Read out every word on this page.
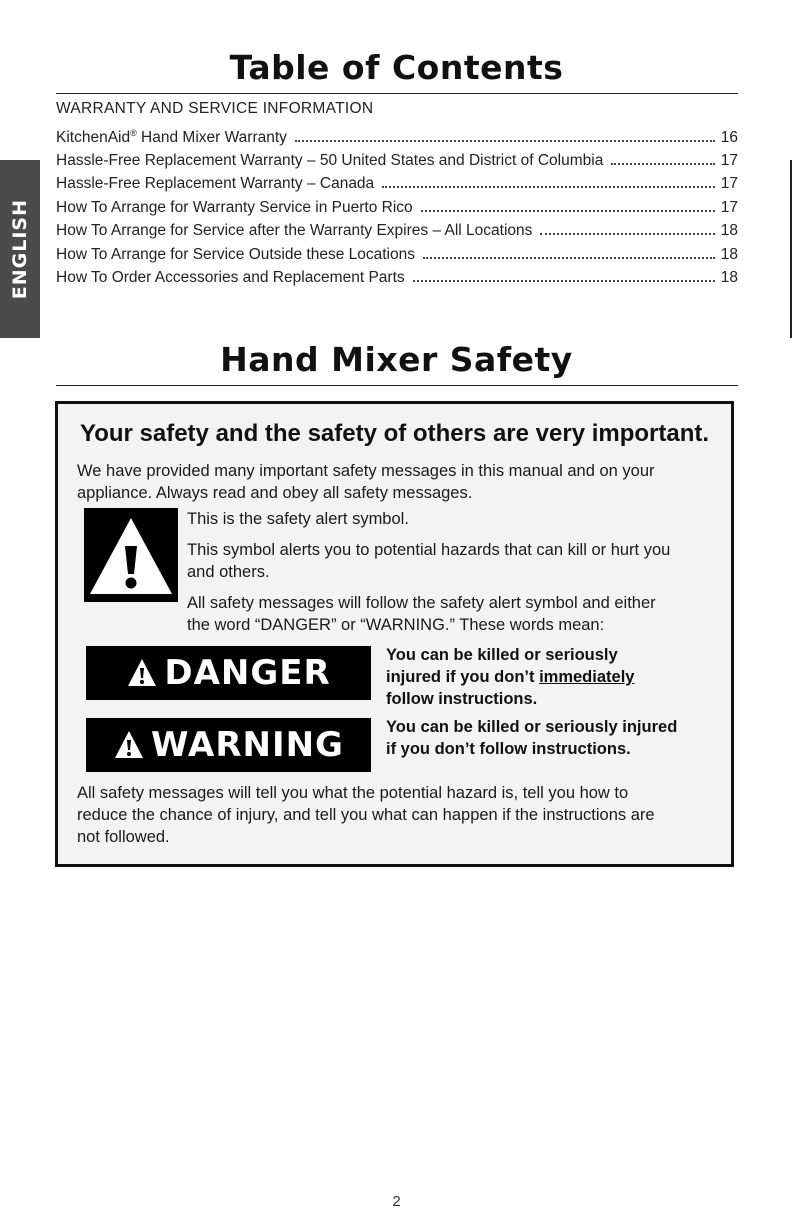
ENGLISH
Table of Contents
WARRANTY AND SERVICE INFORMATION
KitchenAid® Hand Mixer Warranty	16
Hassle-Free Replacement Warranty – 50 United States and District of Columbia	17
Hassle-Free Replacement Warranty – Canada	17
How To Arrange for Warranty Service in Puerto Rico	17
How To Arrange for Service after the Warranty Expires – All Locations	18
How To Arrange for Service Outside these Locations	18
How To Order Accessories and Replacement Parts	18
Hand Mixer Safety
Your safety and the safety of others are very important.

We have provided many important safety messages in this manual and on your

appliance. Always read and obey all safety messages.

This is the safety alert symbol.

This symbol alerts you to potential hazards that can kill or hurt you

and others.

All safety messages will follow the safety alert symbol and either

the word “DANGER” or “WARNING.” These words mean:

DANGER	You can be killed or seriously

injured if you don’t immediately

follow instructions.

WARNING	You can be killed or seriously injured

if you don’t follow instructions.

All safety messages will tell you what the potential hazard is, tell you how to

reduce the chance of injury, and tell you what can happen if the instructions are

not followed.

2
